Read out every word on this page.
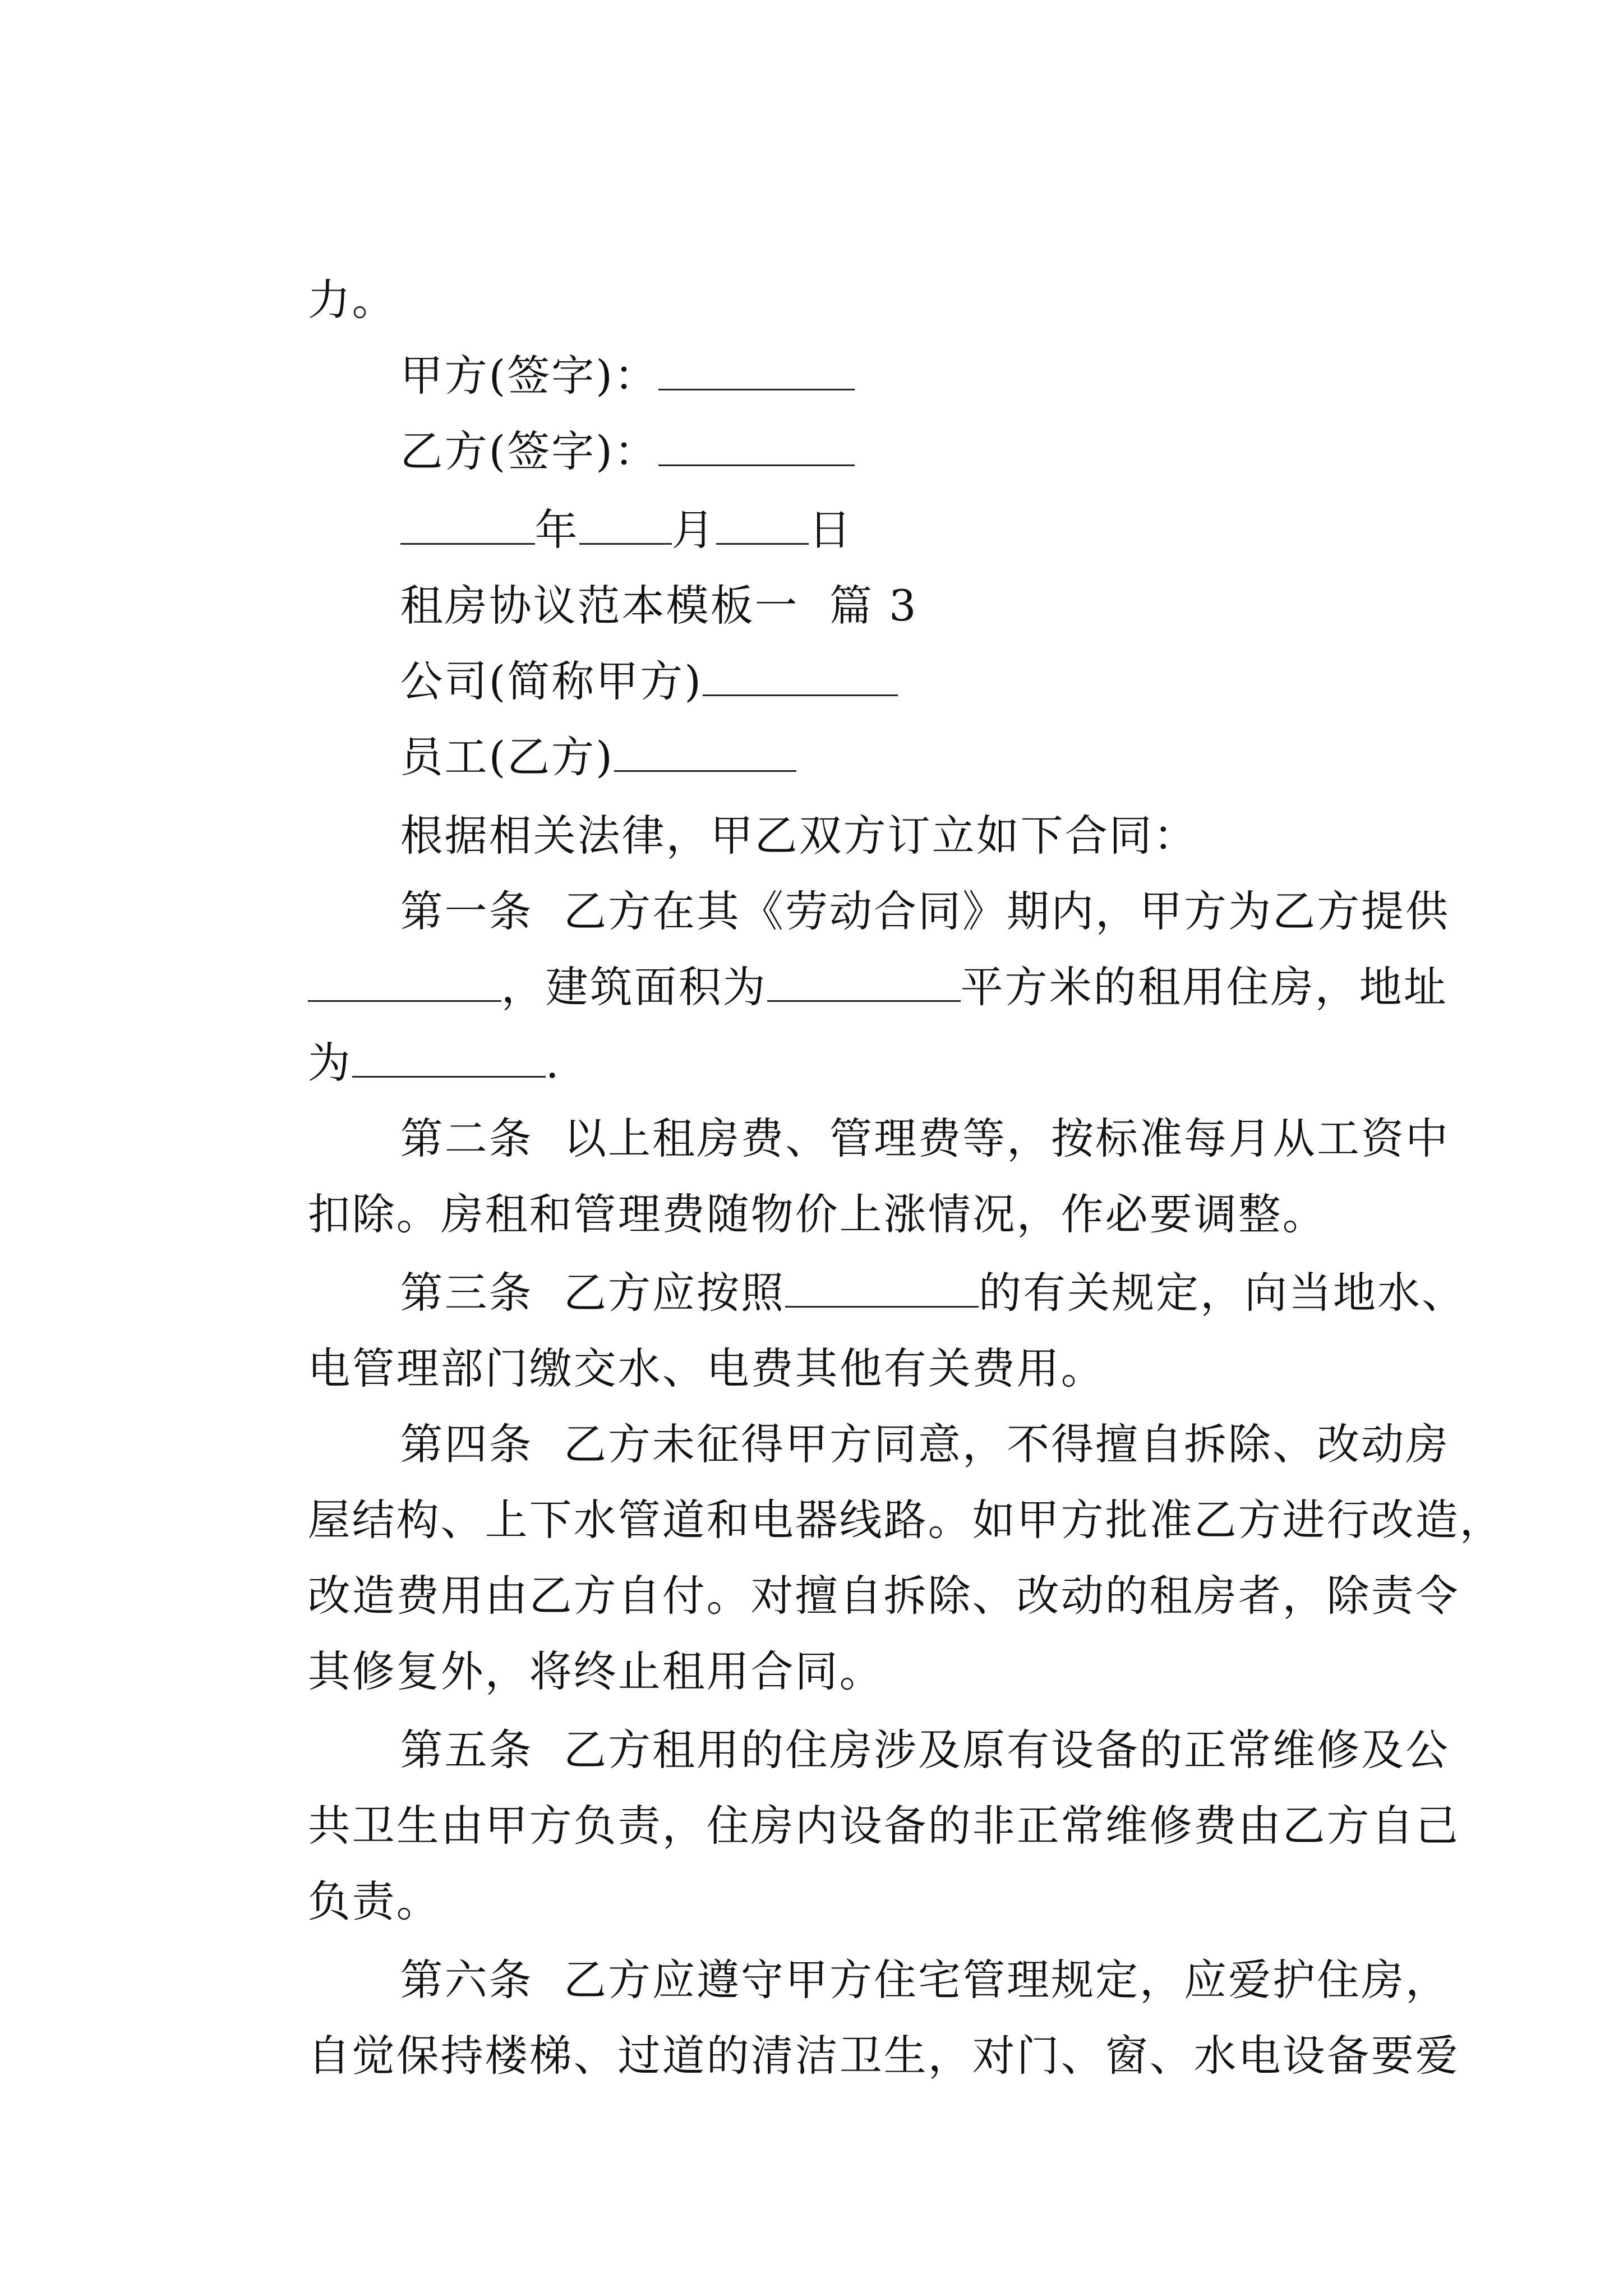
力。

甲方(签字)：

乙方(签字)：

年 月 日

租房协议范本模板一  篇 3

公司(简称甲方)

员工(乙方)

根据相关法律，甲乙双方订立如下合同：

第一条  乙方在其《劳动合同》期内，甲方为乙方提供

，建筑面积为	平方米的租用住房，地址

为	.

第二条  以上租房费、管理费等，按标准每月从工资中

扣除。房租和管理费随物价上涨情况，作必要调整。

第三条  乙方应按照	的有关规定，向当地水、

电管理部门缴交水、电费其他有关费用。

第四条  乙方未征得甲方同意，不得擅自拆除、改动房

屋结构、上下水管道和电器线路。如甲方批准乙方进行改造，

改造费用由乙方自付。对擅自拆除、改动的租房者，除责令

其修复外，将终止租用合同。

第五条  乙方租用的住房涉及原有设备的正常维修及公

共卫生由甲方负责，住房内设备的非正常维修费由乙方自己

负责。

第六条  乙方应遵守甲方住宅管理规定，应爱护住房，

自觉保持楼梯、过道的清洁卫生，对门、窗、水电设备要爱
